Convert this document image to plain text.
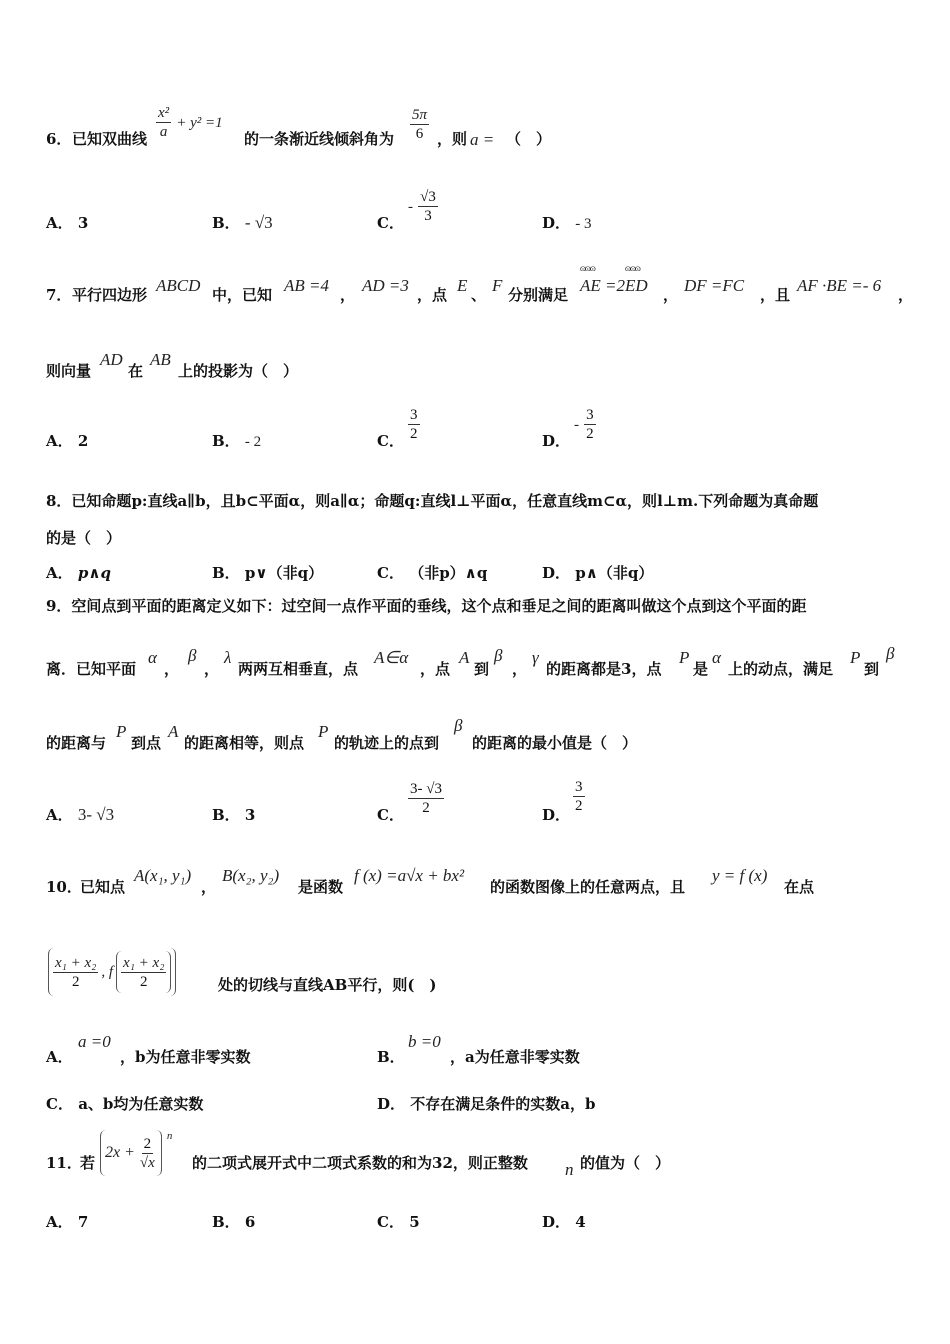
6． 已知双曲线 $\frac{\text{x²}}{a} + y^2 =1$
的一条渐近线倾斜角为 $\frac{5\pi}{6}$ ，则 a = （　）
A． 3	B． - √3	C．
- $\frac{√3}{3}$	D． - 3
7． 平行四边形 ABCD 中，已知 AB =4 ， AD =3 ，点 E 、 F 分别满足
ɷɷɷ AE =2ɷɷɷ ED ， DF =FC ，且 AF ·BE =- 6 ，
则向量
AD
在
AB
上的投影为（　）
A． 2	B． - 2	C． $\frac{3}{2}$	D．
- $\frac{3}{2}$
8．已知命题p:直线a∥b，且b⊂平面α，则a∥α；命题q:直线l⊥平面α，任意直线m⊂α，则l⊥m.下列命题为真命题
的是（　）
A． p∧q	B． p∨（非q）	C． （非p）∧q	D． p∧（非q）
9．空间点到平面的距离定义如下：过空间一点作平面的垂线，这个点和垂足之间的距离叫做这个点到这个平面的距
离．已知平面
α
，
β
，
λ
两两互相垂直，点
A∈α
，点
A
到
β
，
γ
的距离都是3，点
P
是
α
上的动点，满足
P
到
β
的距离与
P
到点
A
的距离相等，则点
P
的轨迹上的点到
β
的距离的最小值是（　）
A． 3- √3	B． 3	C． $\frac{3- √3}{2}$	D． $\frac{3}{2}$
10．
已知点
A(x₁, y₁)
，
B(x₂, y₂)
是函数
f (x) =a√x + bx²
的函数图像上的任意两点，且
y = f (x)
在点
$\frac{\text{x₁ + x₂}}{2}$ , f $\frac{\text{x₁ + x₂}}{2}$	处的切线与直线AB平行，则(　)
A．
a =0
，b为任意非零实数	B．
b =0
，a为任意非零实数
C． a、b均为任意实数	D． 不存在满足条件的实数a，b
11．
若
$2x + \frac{2}{√x} ^n$
的二项式展开式中二项式系数的和为32，则正整数 n 的值为（　）
A． 7	B． 6	C． 5	D． 4
